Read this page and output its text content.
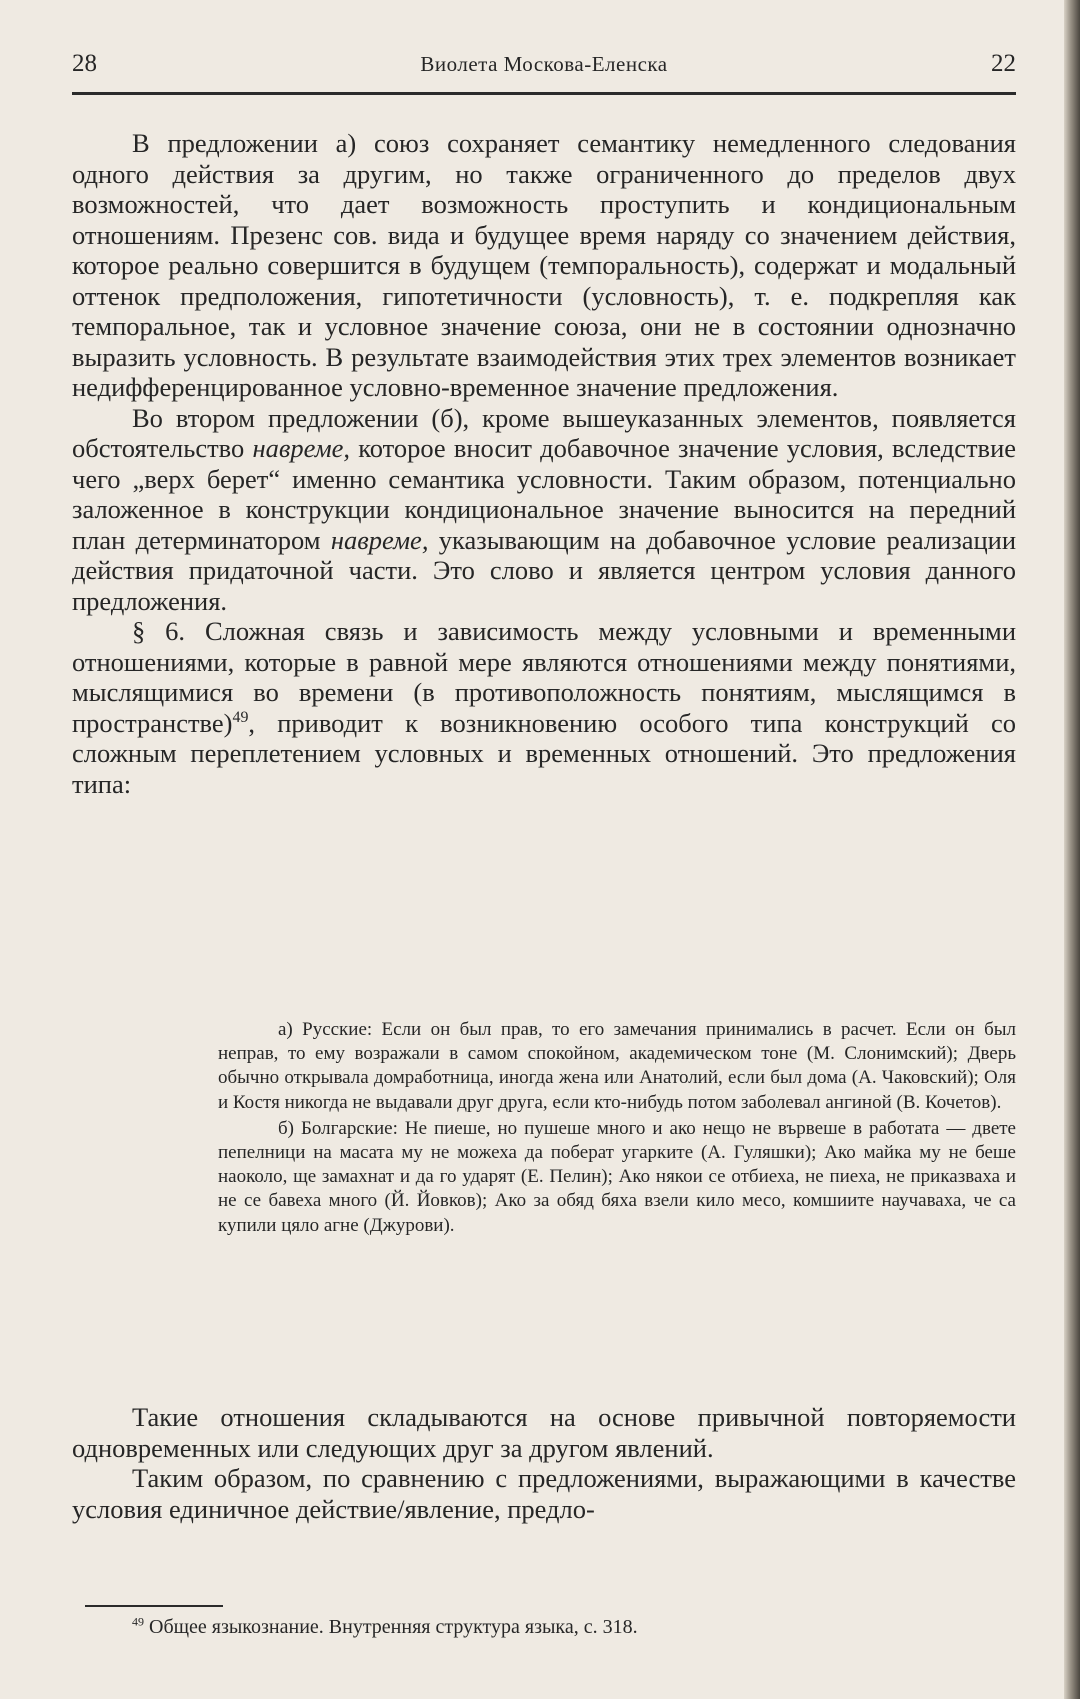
28	Виолета Москова-Еленска	22

В предложении а) союз сохраняет семантику немедленного следования одного действия за другим, но также ограниченного до пределов двух возможностей, что дает возможность проступить и кондициональным отношениям. Презенс сов. вида и будущее время наряду со значением действия, которое реально совершится в будущем (темпоральность), содержат и модальный оттенок предположения, гипотетичности (условность), т. е. подкрепляя как темпоральное, так и условное значение союза, они не в состоянии однозначно выразить условность. В результате взаимодействия этих трех элементов возникает недифференцированное условно-временное значение предложения.

Во втором предложении (б), кроме вышеуказанных элементов, появляется обстоятельство навреме, которое вносит добавочное значение условия, вследствие чего „верх берет“ именно семантика условности. Таким образом, потенциально заложенное в конструкции кондициональное значение выносится на передний план детерминатором навреме, указывающим на добавочное условие реализации действия придаточной части. Это слово и является центром условия данного предложения.

§ 6. Сложная связь и зависимость между условными и временными отношениями, которые в равной мере являются отношениями между понятиями, мыслящимися во времени (в противоположность понятиям, мыслящимся в пространстве)$^{49}$, приводит к возникновению особого типа конструкций со сложным переплетением условных и временных отношений. Это предложения типа:

а) Русские: Если он был прав, то его замечания принимались в расчет. Если он был неправ, то ему возражали в самом спокойном, академическом тоне (М. Слонимский); Дверь обычно открывала домработница, иногда жена или Анатолий, если был дома (А. Чаковский); Оля и Костя никогда не выдавали друг друга, если кто-нибудь потом заболевал ангиной (В. Кочетов).

б) Болгарские: Не пиеше, но пушеше много и ако нещо не вървеше в работата — двете пепелници на масата му не можеха да поберат угарките (А. Гуляшки); Ако майка му не беше наоколо, ще замахнат и да го ударят (Е. Пелин); Ако някои се отбиеха, не пиеха, не приказваха и не се бавеха много (Й. Йовков); Ако за обяд бяха взели кило месо, комшиите научаваха, че са купили цяло агне (Джурови).

Такие отношения складываются на основе привычной повторяемости одновременных или следующих друг за другом явлений.

Таким образом, по сравнению с предложениями, выражающими в качестве условия единичное действие/явление, предло-

$^{49}$ Общее языкознание. Внутренняя структура языка, с. 318.
